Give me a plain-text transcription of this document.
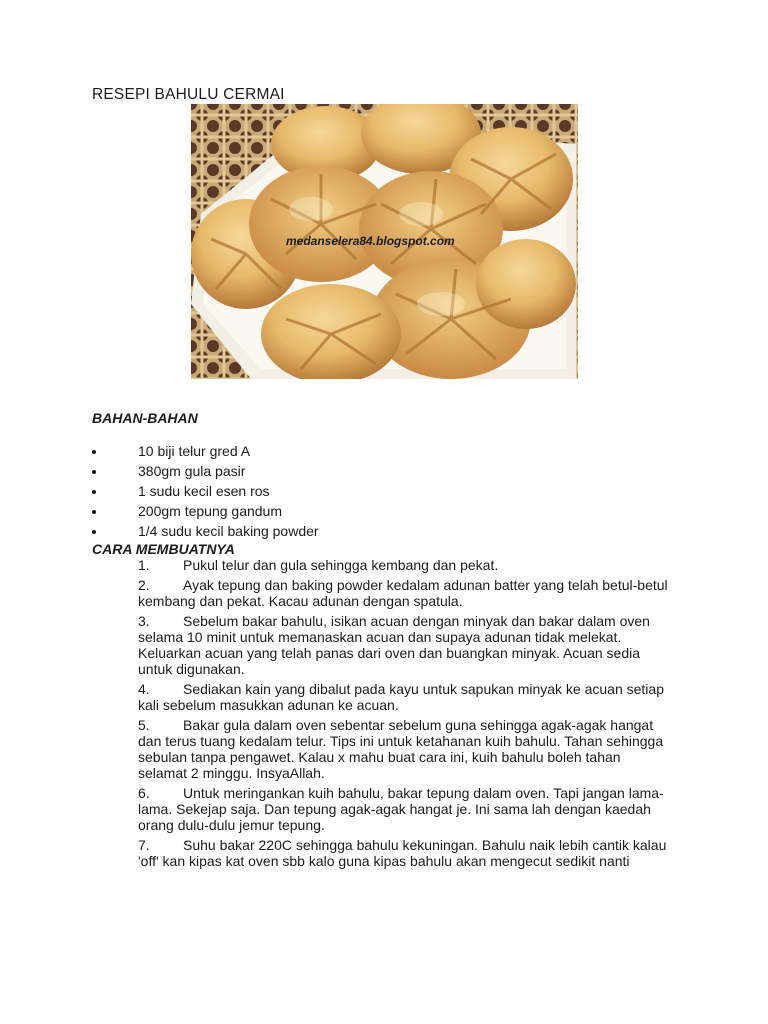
RESEPI BAHULU CERMAI
medanselera84.blogspot.com
BAHAN-BAHAN
10 biji telur gred A
380gm gula pasir
1 sudu kecil esen ros
200gm tepung gandum
1/4 sudu kecil baking powder
CARA MEMBUATNYA
1. Pukul telur dan gula sehingga kembang dan pekat.
2. Ayak tepung dan baking powder kedalam adunan batter yang telah betul-betul kembang dan pekat. Kacau adunan dengan spatula.
3. Sebelum bakar bahulu, isikan acuan dengan minyak dan bakar dalam oven selama 10 minit untuk memanaskan acuan dan supaya adunan tidak melekat. Keluarkan acuan yang telah panas dari oven dan buangkan minyak. Acuan sedia untuk digunakan.
4. Sediakan kain yang dibalut pada kayu untuk sapukan minyak ke acuan setiap kali sebelum masukkan adunan ke acuan.
5. Bakar gula dalam oven sebentar sebelum guna sehingga agak-agak hangat dan terus tuang kedalam telur. Tips ini untuk ketahanan kuih bahulu. Tahan sehingga sebulan tanpa pengawet. Kalau x mahu buat cara ini, kuih bahulu boleh tahan selamat 2 minggu. InsyaAllah.
6. Untuk meringankan kuih bahulu, bakar tepung dalam oven. Tapi jangan lama-lama. Sekejap saja. Dan tepung agak-agak hangat je. Ini sama lah dengan kaedah orang dulu-dulu jemur tepung.
7. Suhu bakar 220C sehingga bahulu kekuningan. Bahulu naik lebih cantik kalau 'off' kan kipas kat oven sbb kalo guna kipas bahulu akan mengecut sedikit nanti
